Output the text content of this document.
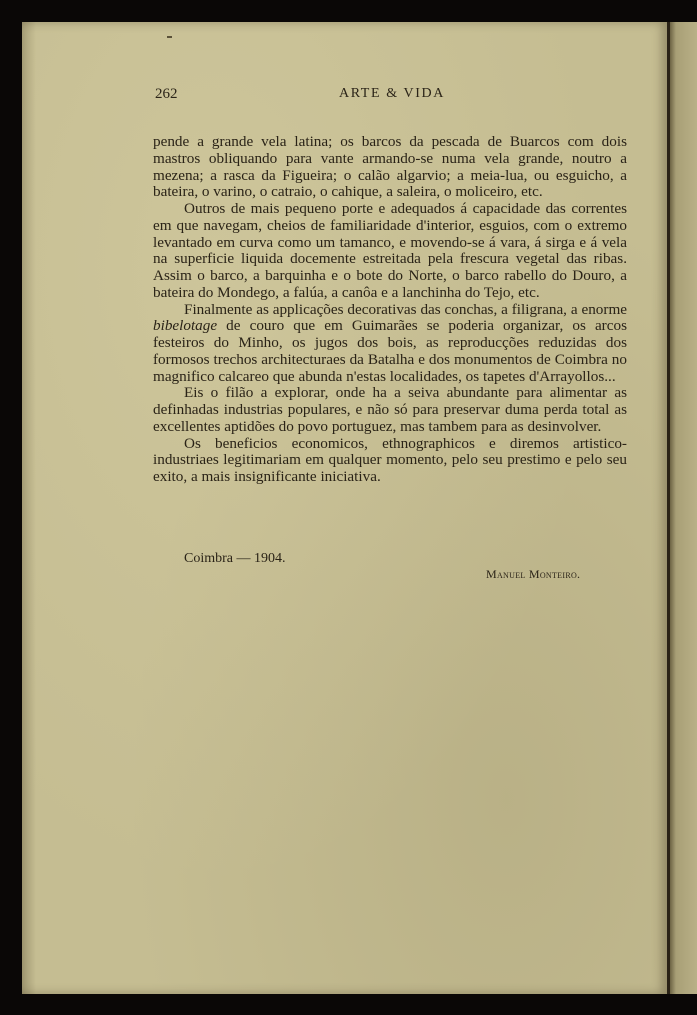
262	ARTE & VIDA

pende a grande vela latina; os barcos da pescada de Buarcos com dois mastros obliquando para vante armando-se numa vela grande, noutro a mezena; a rasca da Figueira; o calão algarvio; a meia-lua, ou esguicho, a bateira, o varino, o catraio, o cahique, a saleira, o moliceiro, etc.

Outros de mais pequeno porte e adequados á capacidade das correntes em que navegam, cheios de familiaridade d'interior, esguios, com o extremo levantado em curva como um tamanco, e movendo-se á vara, á sirga e á vela na superficie liquida docemente estreitada pela frescura vegetal das ribas. Assim o barco, a barquinha e o bote do Norte, o barco rabello do Douro, a bateira do Mondego, a falúa, a canôa e a lanchinha do Tejo, etc.

Finalmente as applicações decorativas das conchas, a filigrana, a enorme bibelotage de couro que em Guimarães se poderia organizar, os arcos festeiros do Minho, os jugos dos bois, as reproducções reduzidas dos formosos trechos architecturaes da Batalha e dos monumentos de Coimbra no magnifico calcareo que abunda n'estas localidades, os tapetes d'Arrayollos...

Eis o filão a explorar, onde ha a seiva abundante para alimentar as definhadas industrias populares, e não só para preservar duma perda total as excellentes aptidões do povo portuguez, mas tambem para as desinvolver.

Os beneficios economicos, ethnographicos e diremos artistico-industriaes legitimariam em qualquer momento, pelo seu prestimo e pelo seu exito, a mais insignificante iniciativa.

Coimbra — 1904.
Manuel Monteiro.
